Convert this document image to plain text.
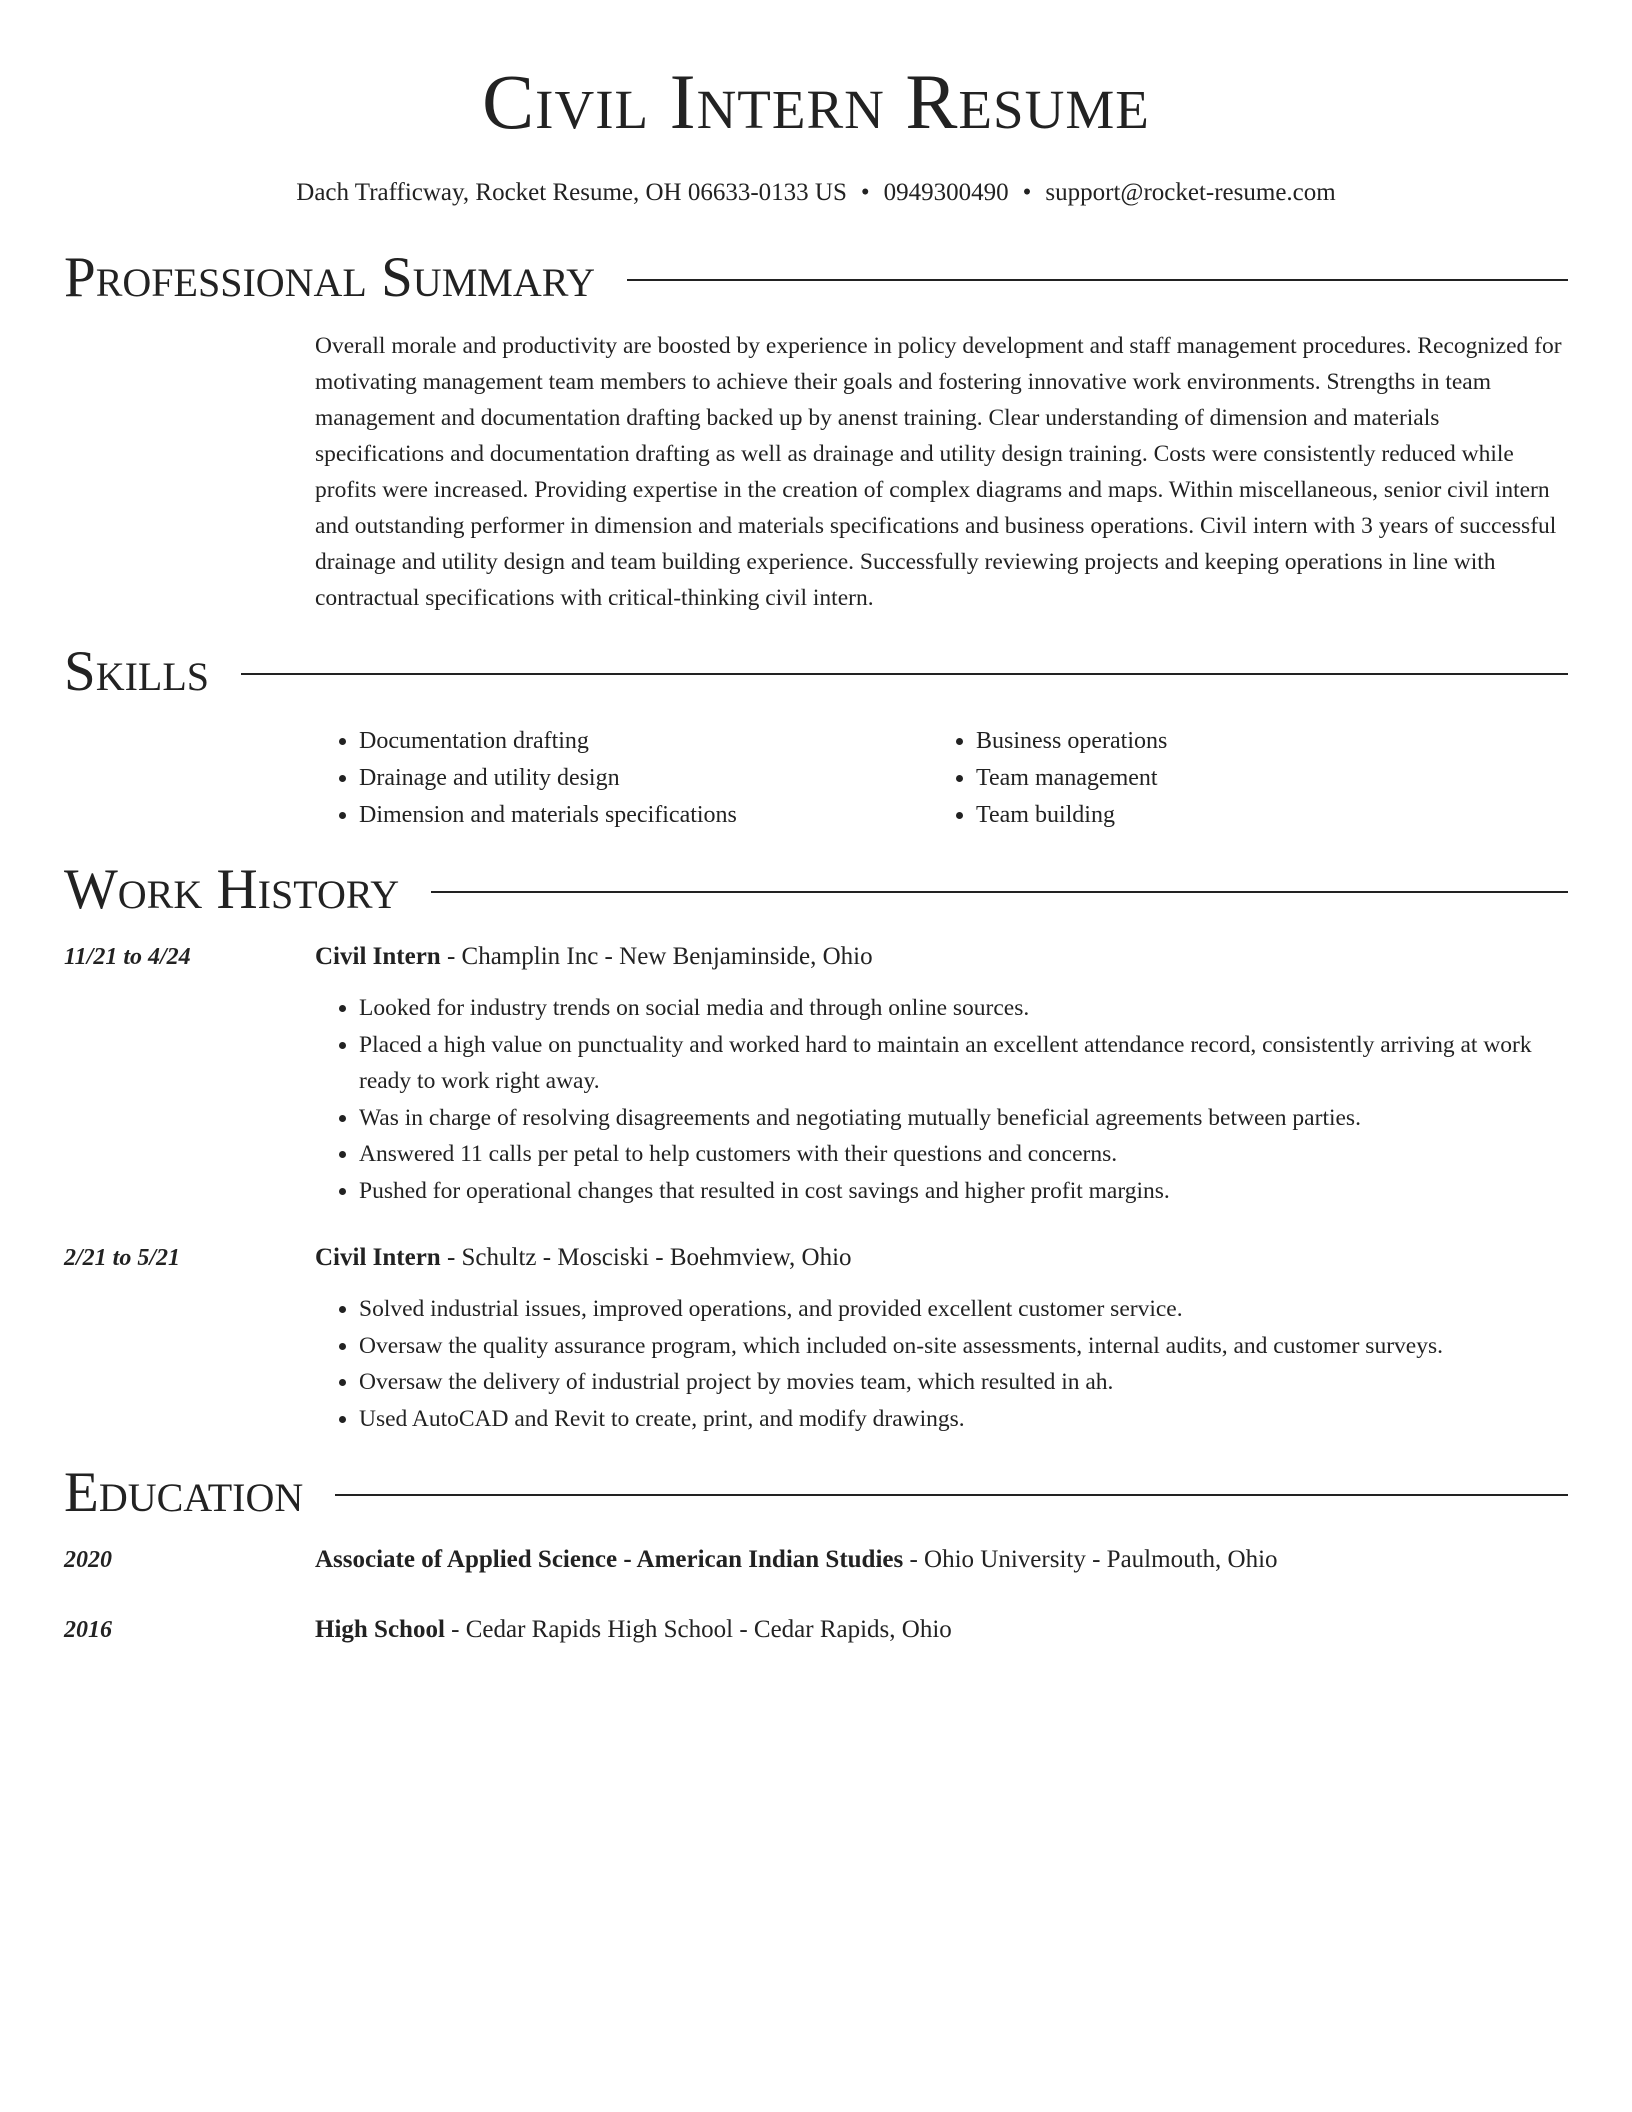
Civil Intern Resume
Dach Trafficway, Rocket Resume, OH 06633-0133 US • 0949300490 • support@rocket-resume.com
Professional Summary

Overall morale and productivity are boosted by experience in policy development and staff management procedures. Recognized for motivating management team members to achieve their goals and fostering innovative work environments. Strengths in team management and documentation drafting backed up by anenst training. Clear understanding of dimension and materials specifications and documentation drafting as well as drainage and utility design training. Costs were consistently reduced while profits were increased. Providing expertise in the creation of complex diagrams and maps. Within miscellaneous, senior civil intern and outstanding performer in dimension and materials specifications and business operations. Civil intern with 3 years of successful drainage and utility design and team building experience. Successfully reviewing projects and keeping operations in line with contractual specifications with critical-thinking civil intern.

Skills
• Documentation drafting
• Drainage and utility design
• Dimension and materials specifications
• Business operations
• Team management
• Team building
Work History
11/21 to 4/24	Civil Intern - Champlin Inc - New Benjaminside, Ohio
• Looked for industry trends on social media and through online sources.
• Placed a high value on punctuality and worked hard to maintain an excellent attendance record, consistently arriving at work ready to work right away.
• Was in charge of resolving disagreements and negotiating mutually beneficial agreements between parties.
• Answered 11 calls per petal to help customers with their questions and concerns.
• Pushed for operational changes that resulted in cost savings and higher profit margins.
2/21 to 5/21	Civil Intern - Schultz - Mosciski - Boehmview, Ohio
• Solved industrial issues, improved operations, and provided excellent customer service.
• Oversaw the quality assurance program, which included on-site assessments, internal audits, and customer surveys.
• Oversaw the delivery of industrial project by movies team, which resulted in ah.
• Used AutoCAD and Revit to create, print, and modify drawings.
Education
2020	Associate of Applied Science - American Indian Studies - Ohio University - Paulmouth, Ohio
2016	High School - Cedar Rapids High School - Cedar Rapids, Ohio
